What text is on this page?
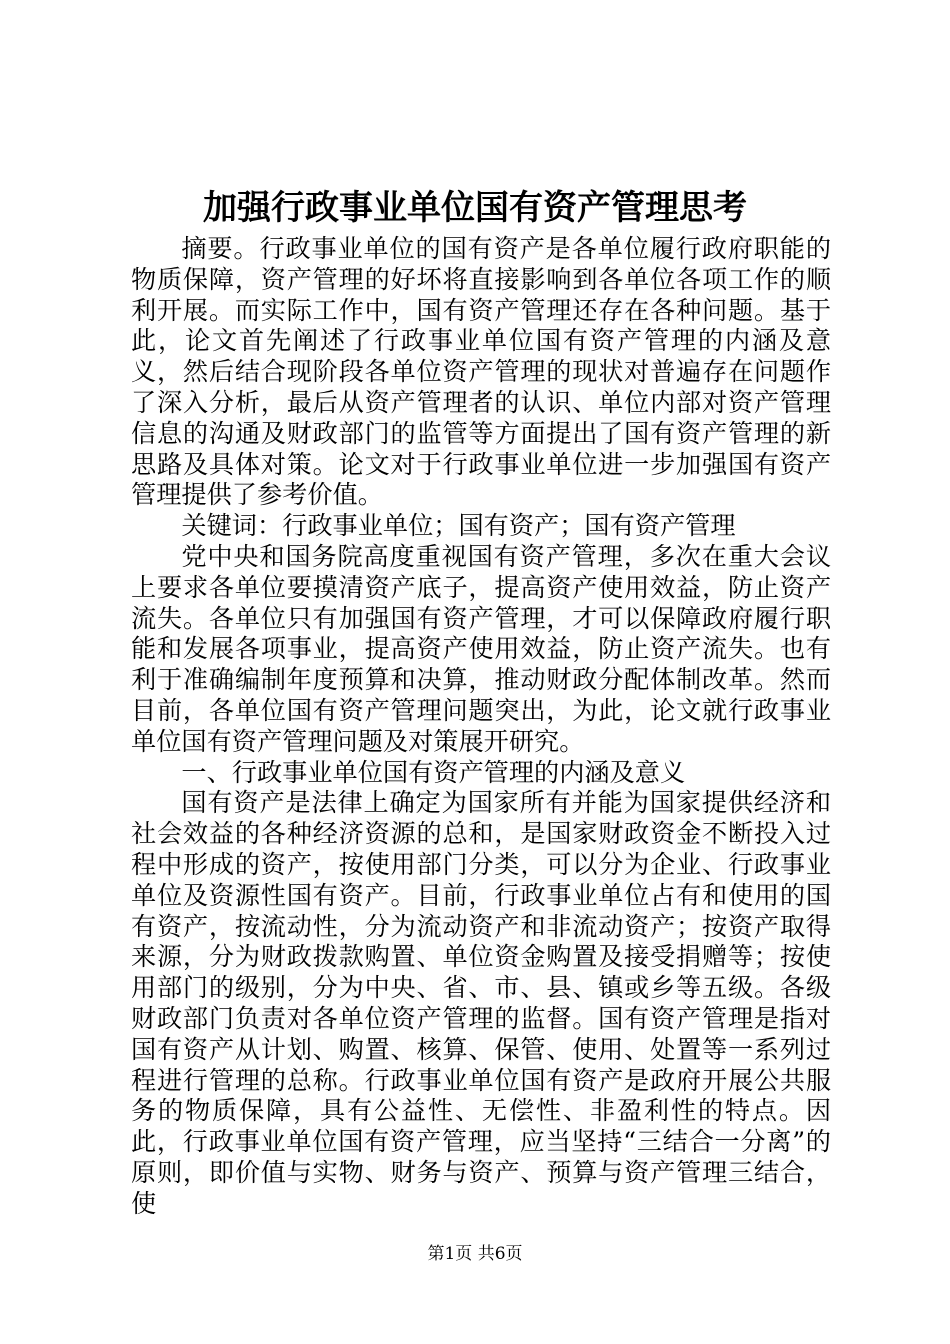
加强行政事业单位国有资产管理思考

摘要。行政事业单位的国有资产是各单位履行政府职能的物质保障，资产管理的好坏将直接影响到各单位各项工作的顺利开展。而实际工作中，国有资产管理还存在各种问题。基于此，论文首先阐述了行政事业单位国有资产管理的内涵及意义，然后结合现阶段各单位资产管理的现状对普遍存在问题作了深入分析，最后从资产管理者的认识、单位内部对资产管理信息的沟通及财政部门的监管等方面提出了国有资产管理的新思路及具体对策。论文对于行政事业单位进一步加强国有资产管理提供了参考价值。

关键词：行政事业单位；国有资产；国有资产管理

党中央和国务院高度重视国有资产管理，多次在重大会议上要求各单位要摸清资产底子，提高资产使用效益，防止资产流失。各单位只有加强国有资产管理，才可以保障政府履行职能和发展各项事业，提高资产使用效益，防止资产流失。也有利于准确编制年度预算和决算，推动财政分配体制改革。然而目前，各单位国有资产管理问题突出，为此，论文就行政事业单位国有资产管理问题及对策展开研究。

一、行政事业单位国有资产管理的内涵及意义

国有资产是法律上确定为国家所有并能为国家提供经济和社会效益的各种经济资源的总和，是国家财政资金不断投入过程中形成的资产，按使用部门分类，可以分为企业、行政事业单位及资源性国有资产。目前，行政事业单位占有和使用的国有资产，按流动性，分为流动资产和非流动资产；按资产取得来源，分为财政拨款购置、单位资金购置及接受捐赠等；按使用部门的级别，分为中央、省、市、县、镇或乡等五级。各级财政部门负责对各单位资产管理的监督。国有资产管理是指对国有资产从计划、购置、核算、保管、使用、处置等一系列过程进行管理的总称。行政事业单位国有资产是政府开展公共服务的物质保障，具有公益性、无偿性、非盈利性的特点。因此，行政事业单位国有资产管理，应当坚持“三结合一分离”的原则，即价值与实物、财务与资产、预算与资产管理三结合，使

第1页 共6页
